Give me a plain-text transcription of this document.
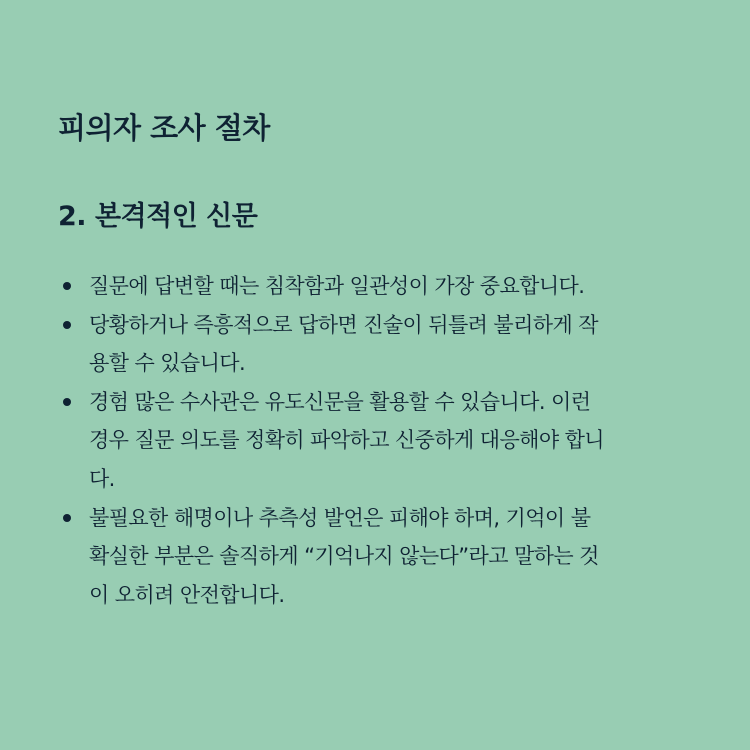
피의자 조사 절차
2. 본격적인 신문
질문에 답변할 때는 침착함과 일관성이 가장 중요합니다.
당황하거나 즉흥적으로 답하면 진술이 뒤틀려 불리하게 작
용할 수 있습니다.
경험 많은 수사관은 유도신문을 활용할 수 있습니다. 이런
경우 질문 의도를 정확히 파악하고 신중하게 대응해야 합니
다.
불필요한 해명이나 추측성 발언은 피해야 하며, 기억이 불
확실한 부분은 솔직하게 “기억나지 않는다”라고 말하는 것
이 오히려 안전합니다.
